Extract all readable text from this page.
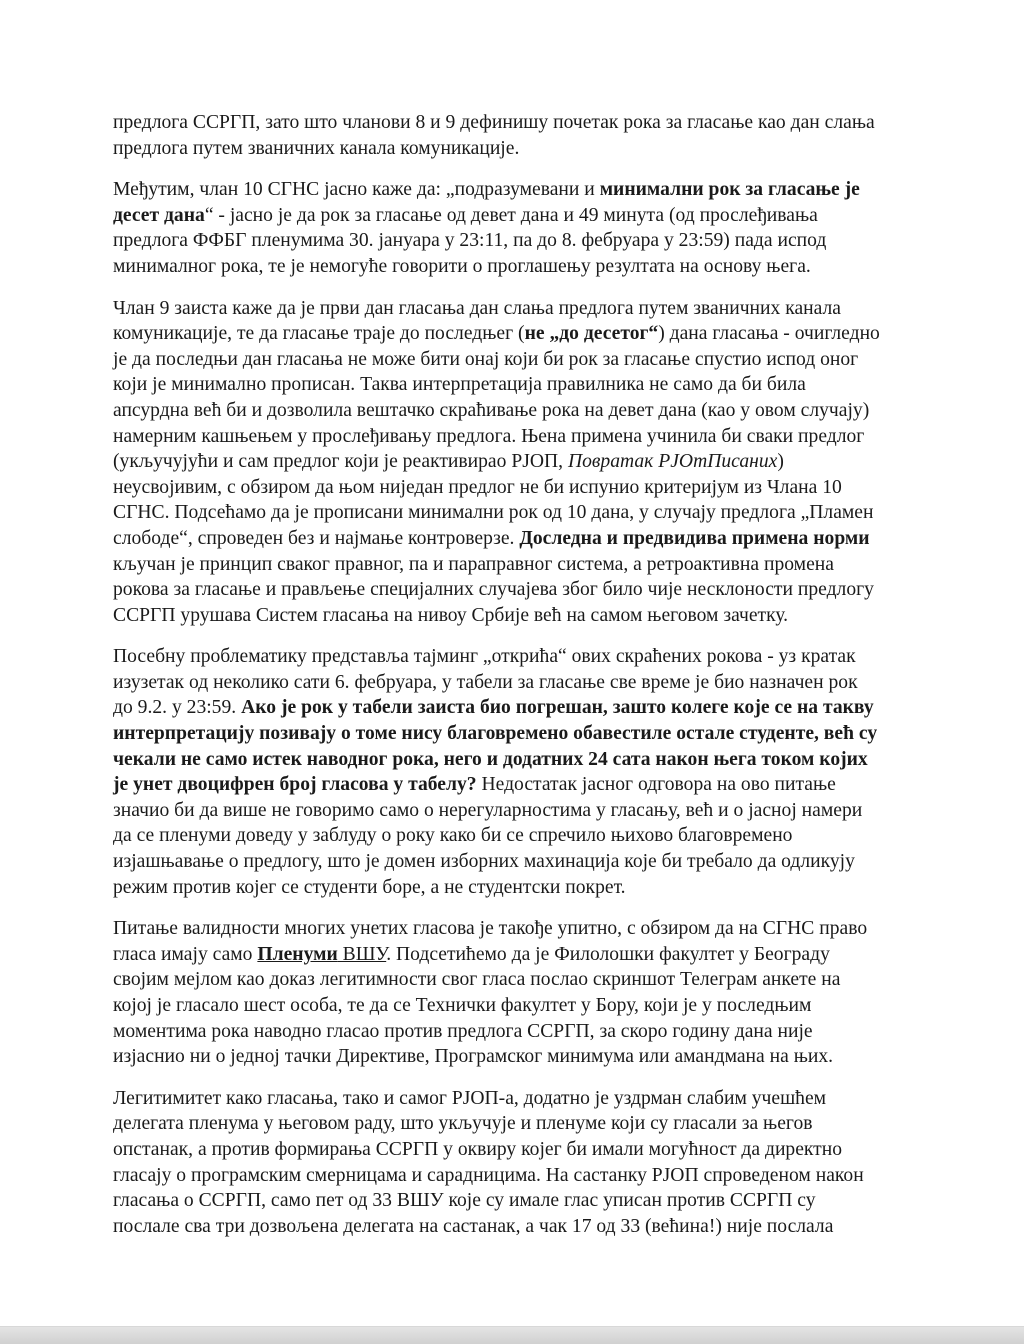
предлога ССРГП, зато што чланови 8 и 9 дефинишу почетак рока за гласање као дан слања
предлога путем званичних канала комуникације.
Међутим, члан 10 СГНС јасно каже да: „подразумевани и минимални рок за гласање је
десет дана“ - јасно је да рок за гласање од девет дана и 49 минута (од прослеђивања
предлога ФФБГ пленумима 30. јануара у 23:11, па до 8. фебруара у 23:59) пада испод
минималног рока, те је немогуће говорити о проглашењу резултата на основу њега.
Члан 9 заиста каже да је први дан гласања дан слања предлога путем званичних канала
комуникације, те да гласање траје до последњег (не „до десетог“) дана гласања - очигледно
је да последњи дан гласања не може бити онај који би рок за гласање спустио испод оног
који је минимално прописан. Таква интерпретација правилника не само да би била
апсурдна већ би и дозволила вештачко скраћивање рока на девет дана (као у овом случају)
намерним кашњењем у прослеђивању предлога. Њена примена учинила би сваки предлог
(укључујући и сам предлог који је реактивирао РЈОП, Повратак РЈОтПисаних)
неусвојивим, с обзиром да њом ниједан предлог не би испунио критеријум из Члана 10
СГНС. Подсећамо да је прописани минимални рок од 10 дана, у случају предлога „Пламен
слободе“, спроведен без и најмање контроверзе. Доследна и предвидива примена норми
кључан је принцип сваког правног, па и параправног система, а ретроактивна промена
рокова за гласање и прављење специјалних случајева због било чије несклоности предлогу
ССРГП урушава Систем гласања на нивоу Србије већ на самом његовом зачетку.
Посебну проблематику представља тајминг „открића“ ових скраћених рокова - уз кратак
изузетак од неколико сати 6. фебруара, у табели за гласање све време је био назначен рок
до 9.2. у 23:59. Ако је рок у табели заиста био погрешан, зашто колеге које се на такву
интерпретацију позивају о томе нису благовремено обавестиле остале студенте, већ су
чекали не само истек наводног рока, него и додатних 24 сата након њега током којих
је унет двоцифрен број гласова у табелу? Недостатак јасног одговора на ово питање
значио би да више не говоримо само о нерегуларностима у гласању, већ и о јасној намери
да се пленуми доведу у заблуду о року како би се спречило њихово благовремено
изјашњавање о предлогу, што је домен изборних махинација које би требало да одликују
режим против којег се студенти боре, а не студентски покрет.
Питање валидности многих унетих гласова је такође упитно, с обзиром да на СГНС право
гласа имају само Пленуми ВШУ. Подсетићемо да је Филолошки факултет у Београду
својим мејлом као доказ легитимности свог гласа послао скриншот Телеграм анкете на
којој је гласало шест особа, те да се Технички факултет у Бору, који је у последњим
моментима рока наводно гласао против предлога ССРГП, за скоро годину дана није
изјаснио ни о једној тачки Директиве, Програмског минимума или амандмана на њих.
Легитимитет како гласања, тако и самог РЈОП-а, додатно је уздрман слабим учешћем
делегата пленума у његовом раду, што укључује и пленуме који су гласали за његов
опстанак, а против формирања ССРГП у оквиру којег би имали могућност да директно
гласају о програмским смерницама и сарадницима. На састанку РЈОП спроведеном након
гласања о ССРГП, само пет од 33 ВШУ које су имале глас уписан против ССРГП су
послале сва три дозвољена делегата на састанак, а чак 17 од 33 (већина!) није послала
